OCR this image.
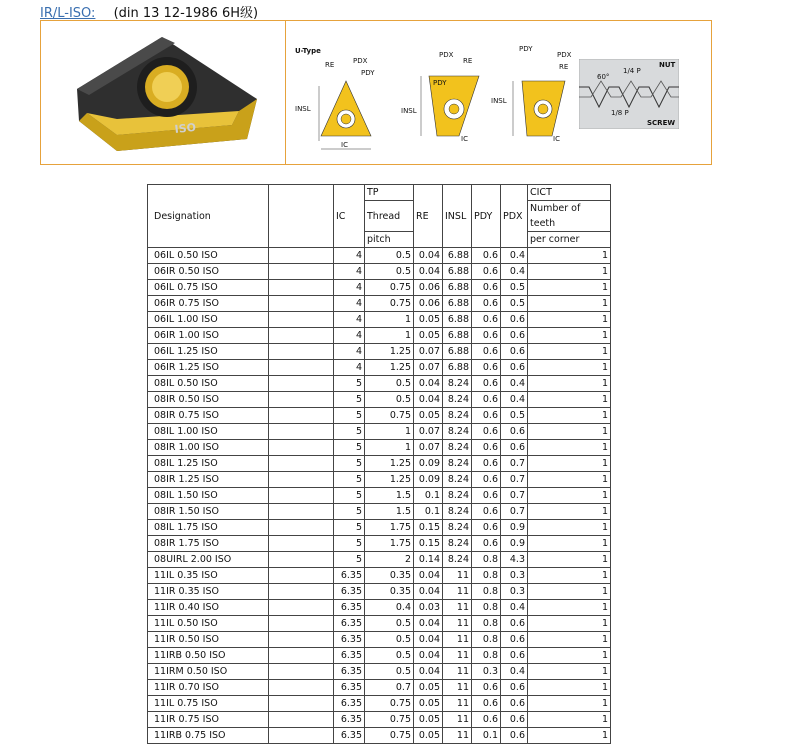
IR/L-ISO: (din 13 12-1986 6H级)
ISO
U-Type
RE	PDX
PDY
INSL
IC
PDX
RE
PDY
INSL
IC
PDY
PDX
RE
INSL
IC
NUT
SCREW
60°
1/4 P
1/8 P
Designation		IC	TP	RE	INSL	PDY	PDX	CICT
			Thread					Number of teeth
			pitch					per corner
06IL 0.50 ISO		4	0.5	0.04	6.88	0.6	0.4	1
06IR 0.50 ISO		4	0.5	0.04	6.88	0.6	0.4	1
06IL 0.75 ISO		4	0.75	0.06	6.88	0.6	0.5	1
06IR 0.75 ISO		4	0.75	0.06	6.88	0.6	0.5	1
06IL 1.00 ISO		4	1	0.05	6.88	0.6	0.6	1
06IR 1.00 ISO		4	1	0.05	6.88	0.6	0.6	1
06IL 1.25 ISO		4	1.25	0.07	6.88	0.6	0.6	1
06IR 1.25 ISO		4	1.25	0.07	6.88	0.6	0.6	1
08IL 0.50 ISO		5	0.5	0.04	8.24	0.6	0.4	1
08IR 0.50 ISO		5	0.5	0.04	8.24	0.6	0.4	1
08IR 0.75 ISO		5	0.75	0.05	8.24	0.6	0.5	1
08IL 1.00 ISO		5	1	0.07	8.24	0.6	0.6	1
08IR 1.00 ISO		5	1	0.07	8.24	0.6	0.6	1
08IL 1.25 ISO		5	1.25	0.09	8.24	0.6	0.7	1
08IR 1.25 ISO		5	1.25	0.09	8.24	0.6	0.7	1
08IL 1.50 ISO		5	1.5	0.1	8.24	0.6	0.7	1
08IR 1.50 ISO		5	1.5	0.1	8.24	0.6	0.7	1
08IL 1.75 ISO		5	1.75	0.15	8.24	0.6	0.9	1
08IR 1.75 ISO		5	1.75	0.15	8.24	0.6	0.9	1
08UIRL 2.00 ISO		5	2	0.14	8.24	0.8	4.3	1
11IL 0.35 ISO		6.35	0.35	0.04	11	0.8	0.3	1
11IR 0.35 ISO		6.35	0.35	0.04	11	0.8	0.3	1
11IR 0.40 ISO		6.35	0.4	0.03	11	0.8	0.4	1
11IL 0.50 ISO		6.35	0.5	0.04	11	0.8	0.6	1
11IR 0.50 ISO		6.35	0.5	0.04	11	0.8	0.6	1
11IRB 0.50 ISO		6.35	0.5	0.04	11	0.8	0.6	1
11IRM 0.50 ISO		6.35	0.5	0.04	11	0.3	0.4	1
11IR 0.70 ISO		6.35	0.7	0.05	11	0.6	0.6	1
11IL 0.75 ISO		6.35	0.75	0.05	11	0.6	0.6	1
11IR 0.75 ISO		6.35	0.75	0.05	11	0.6	0.6	1
11IRB 0.75 ISO		6.35	0.75	0.05	11	0.1	0.6	1
